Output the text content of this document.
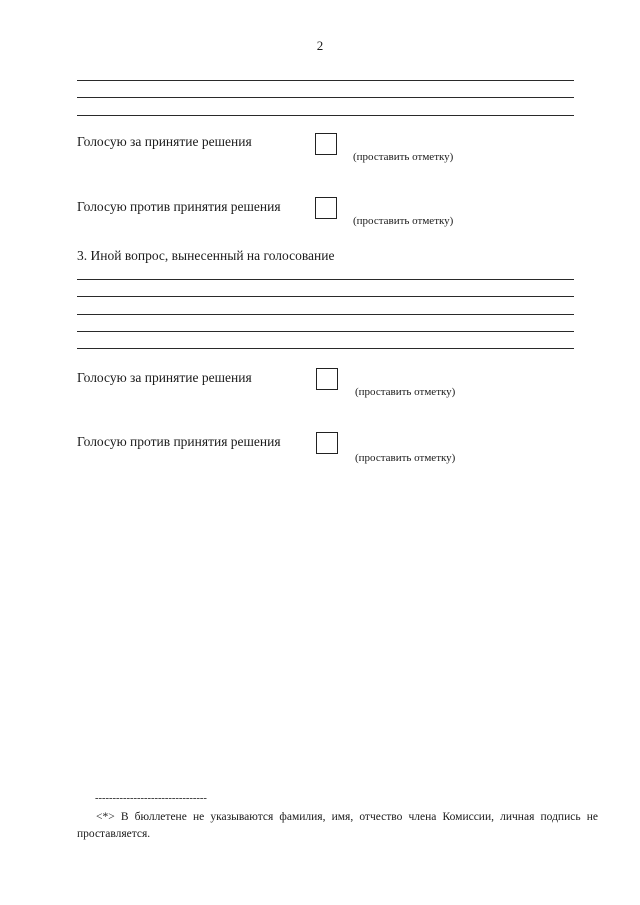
2
Голосую за принятие решения
(проставить отметку)
Голосую против принятия решения
(проставить отметку)
3. Иной вопрос, вынесенный на голосование
Голосую за принятие решения
(проставить отметку)
Голосую против принятия решения
(проставить отметку)
--------------------------------
<*> В бюллетене не указываются фамилия, имя, отчество члена Комиссии, личная подпись не проставляется.
